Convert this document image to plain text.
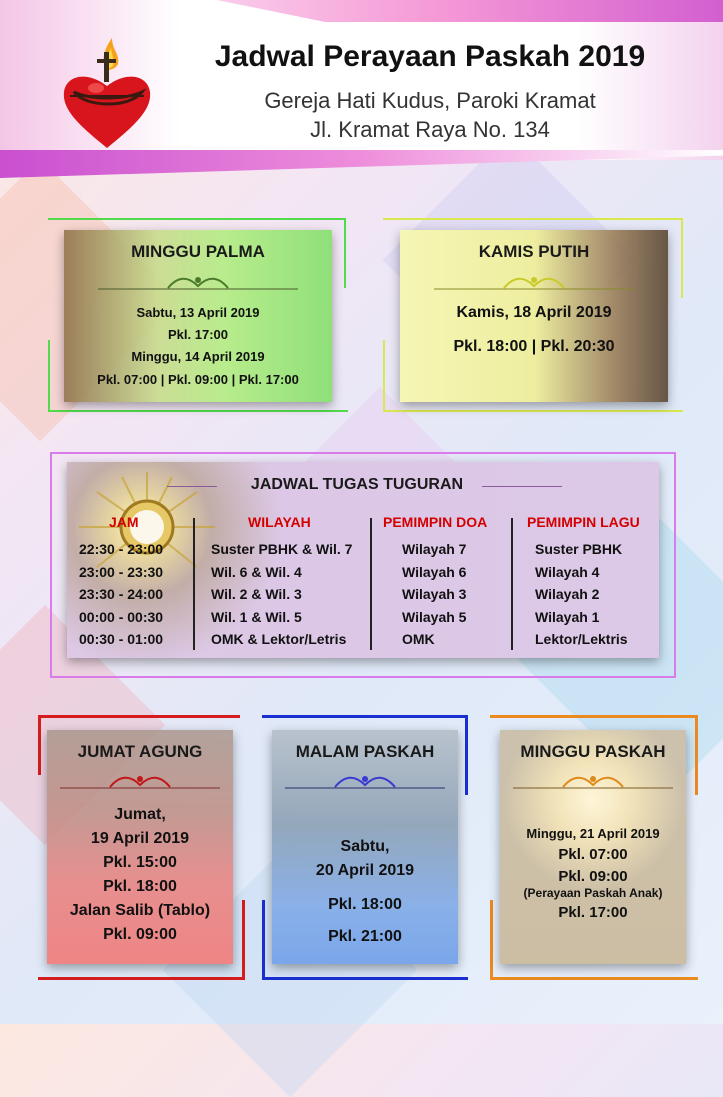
Jadwal Perayaan Paskah 2019
Gereja Hati Kudus, Paroki Kramat
Jl. Kramat Raya No. 134
MINGGU PALMA
Sabtu, 13 April 2019
Pkl. 17:00
Minggu, 14 April 2019
Pkl. 07:00 | Pkl. 09:00 | Pkl. 17:00
KAMIS PUTIH
Kamis, 18 April 2019
Pkl. 18:00 | Pkl. 20:30
JADWAL TUGAS TUGURAN
JAM	WILAYAH	PEMIMPIN DOA	PEMIMPIN LAGU
22:30 - 23:00	Suster PBHK & Wil. 7	Wilayah 7	Suster PBHK
23:00 - 23:30	Wil. 6 & Wil. 4	Wilayah 6	Wilayah 4
23:30 - 24:00	Wil. 2 & Wil. 3	Wilayah 3	Wilayah 2
00:00 - 00:30	Wil. 1 & Wil. 5	Wilayah 5	Wilayah 1
00:30 - 01:00	OMK & Lektor/Letris	OMK	Lektor/Lektris
JUMAT AGUNG
Jumat,
19 April 2019
Pkl. 15:00
Pkl. 18:00
Jalan Salib (Tablo)
Pkl. 09:00
MALAM PASKAH
Sabtu,
20 April 2019
Pkl. 18:00
Pkl. 21:00
MINGGU PASKAH
Minggu, 21 April 2019
Pkl. 07:00
Pkl. 09:00
(Perayaan Paskah Anak)
Pkl. 17:00
